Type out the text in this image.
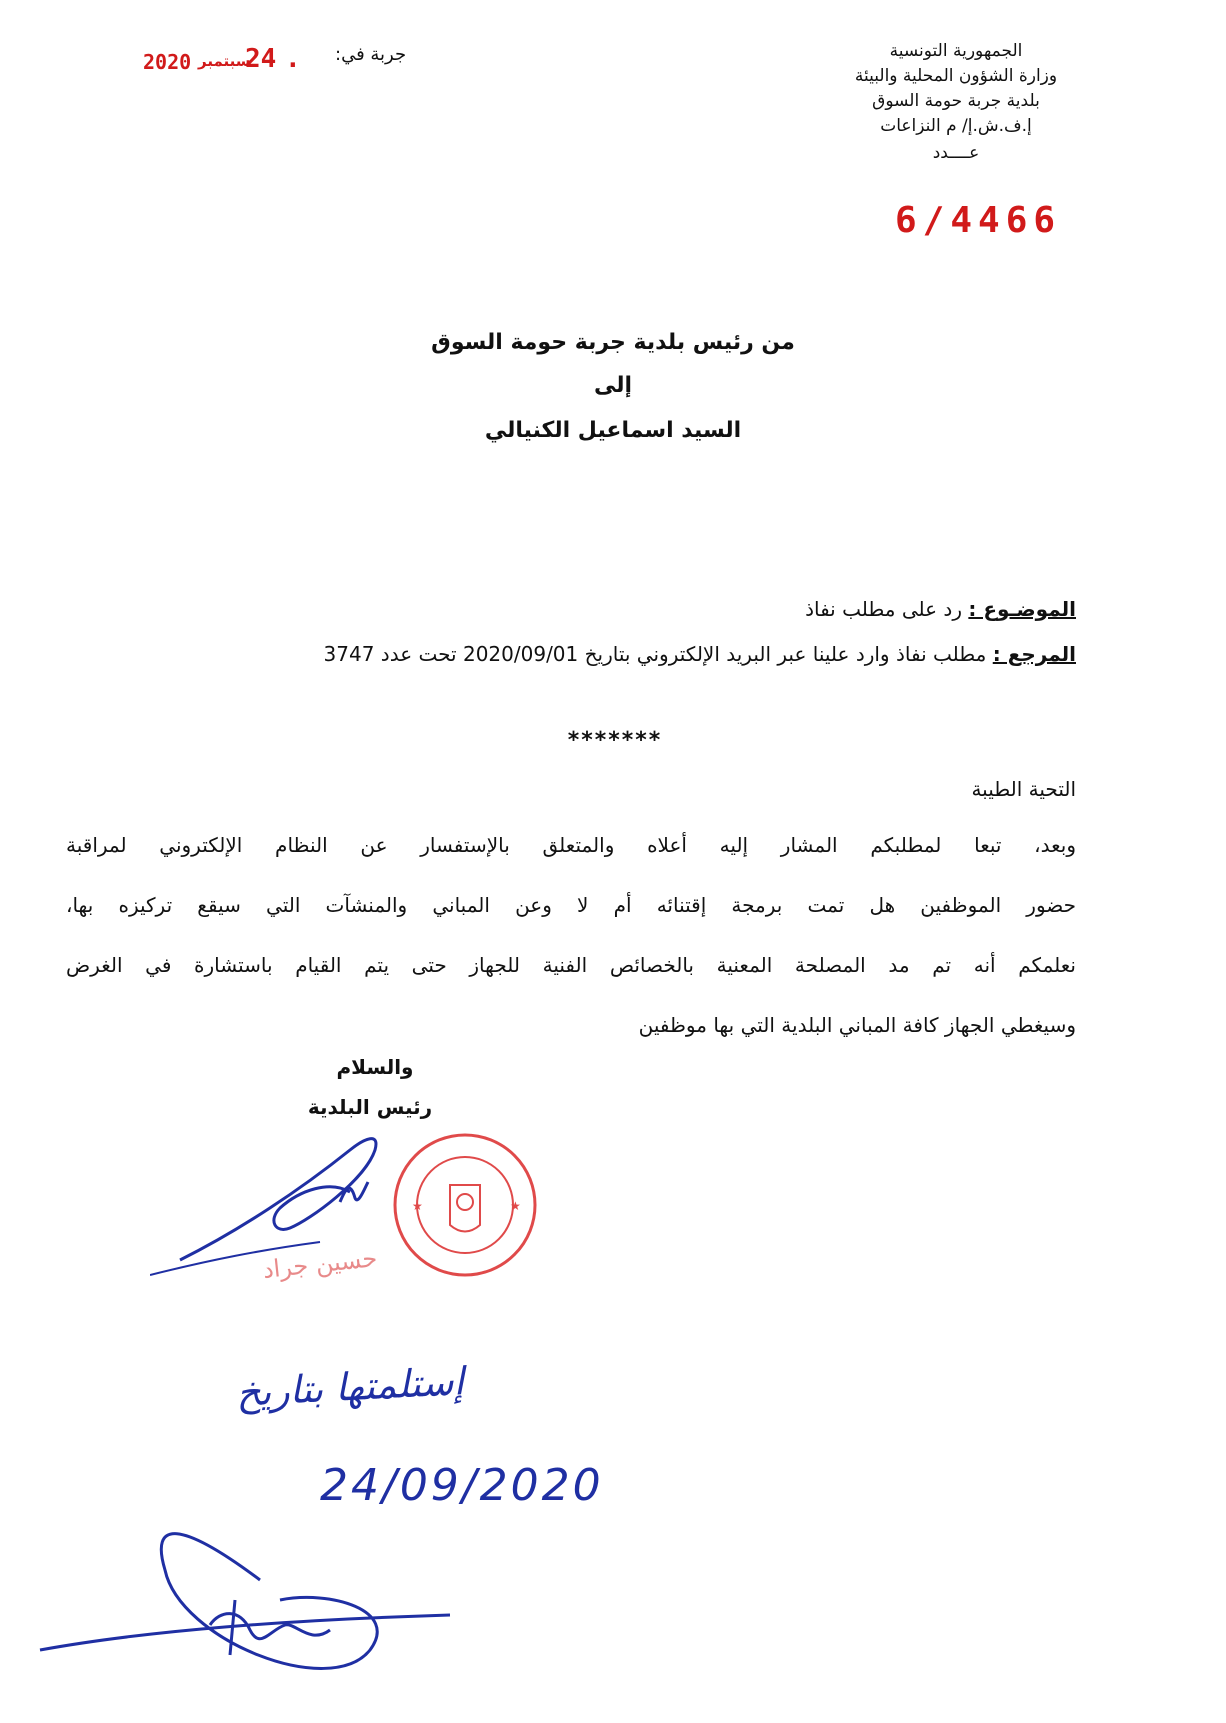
الجمهورية التونسية
وزارة الشؤون المحلية والبيئة
بلدية جربة حومة السوق
إ.ف.ش.إ/ م النزاعات
عــــدد
6/4466
جربة في:
2020 سبتمبر
24 .
من رئيس بلدية جربة حومة السوق
إلى
السيد اسماعيل الكنيالي
الموضـوع : رد على مطلب نفاذ
المرجع : مطلب نفاذ وارد علينا عبر البريد الإلكتروني بتاريخ 2020/09/01 تحت عدد 3747
*******
التحية الطيبة
وبعد، تبعا لمطلبكم المشار إليه أعلاه والمتعلق بالإستفسار عن النظام الإلكتروني لمراقبة
حضور الموظفين هل تمت برمجة إقتنائه أم لا وعن المباني والمنشآت التي سيقع تركيزه بها،
نعلمكم أنه تم مد المصلحة المعنية بالخصائص الفنية للجهاز حتى يتم القيام باستشارة في الغرض
وسيغطي الجهاز كافة المباني البلدية التي بها موظفين
والسلام
رئيس البلدية
حسين جراد
★	★
إستلمتها بتاريخ
24/09/2020
